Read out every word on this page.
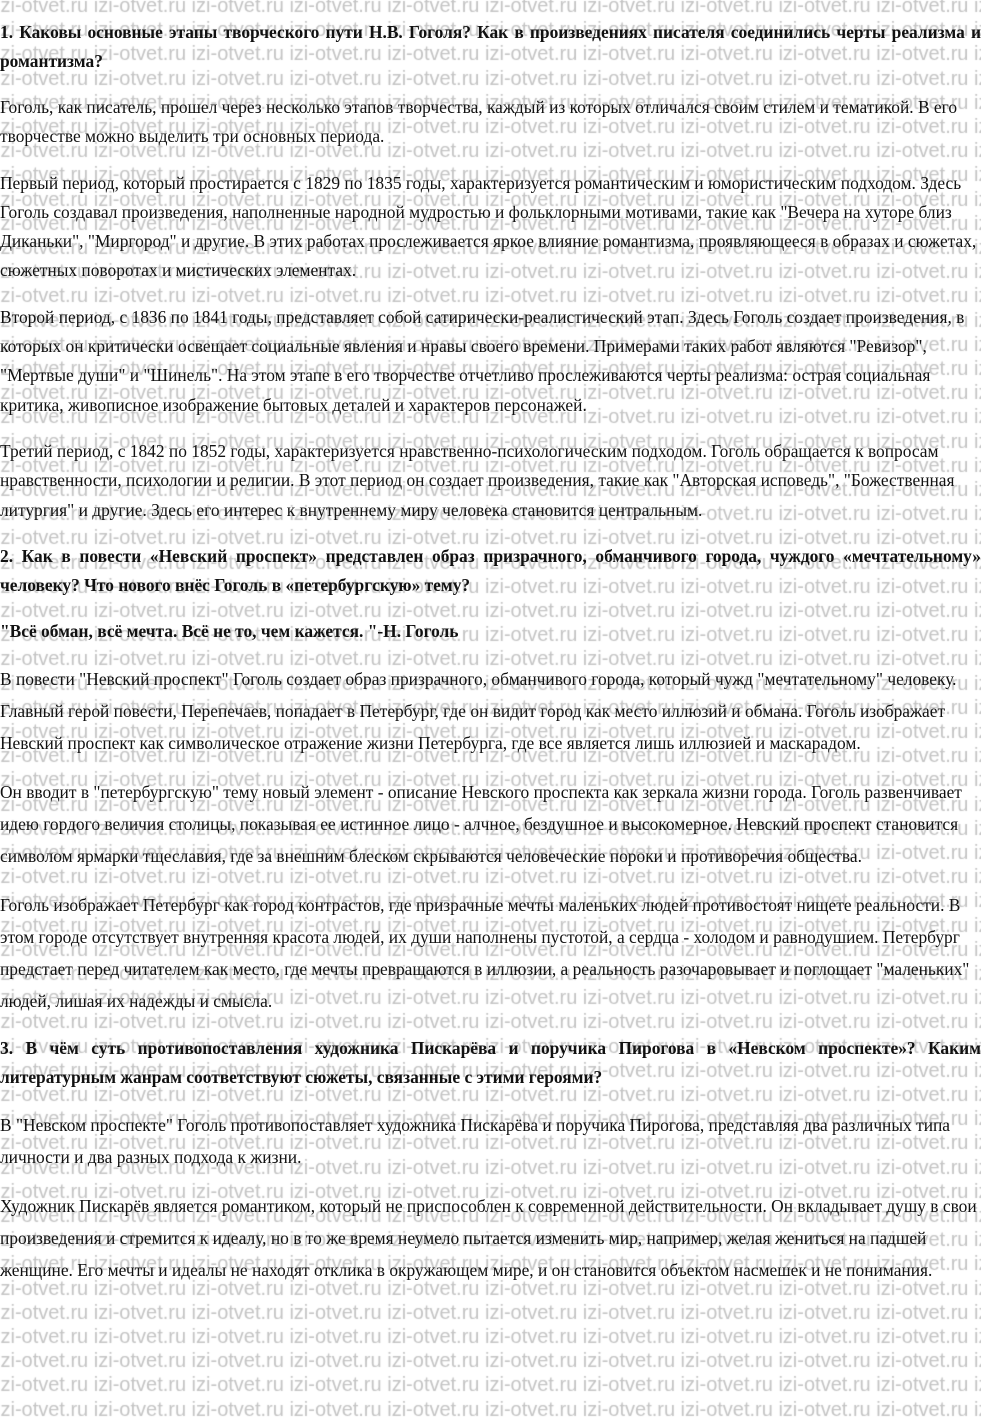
1. Каковы основные этапы творческого пути Н.В. Гоголя? Как в произведениях писателя соединились черты реализма и романтизма?
Гоголь, как писатель, прошел через несколько этапов творчества, каждый из которых отличался своим стилем и тематикой. В его творчестве можно выделить три основных периода.
Первый период, который простирается с 1829 по 1835 годы, характеризуется романтическим и юмористическим подходом. Здесь Гоголь создавал произведения, наполненные народной мудростью и фольклорными мотивами, такие как "Вечера на хуторе близ Диканьки", "Миргород" и другие. В этих работах прослеживается яркое влияние романтизма, проявляющееся в образах и сюжетах, сюжетных поворотах и мистических элементах.
Второй период, с 1836 по 1841 годы, представляет собой сатирически-реалистический этап. Здесь Гоголь создает произведения, в которых он критически освещает социальные явления и нравы своего времени. Примерами таких работ являются "Ревизор", "Мертвые души" и "Шинель". На этом этапе в его творчестве отчетливо прослеживаются черты реализма: острая социальная критика, живописное изображение бытовых деталей и характеров персонажей.
Третий период, с 1842 по 1852 годы, характеризуется нравственно-психологическим подходом. Гоголь обращается к вопросам нравственности, психологии и религии. В этот период он создает произведения, такие как "Авторская исповедь", "Божественная литургия" и другие. Здесь его интерес к внутреннему миру человека становится центральным.
2. Как в повести «Невский проспект» представлен образ призрачного, обманчивого города, чуждого «мечтательному» человеку? Что нового внёс Гоголь в «петербургскую» тему?
"Всё обман, всё мечта. Всё не то, чем кажется. "-Н. Гоголь
В повести "Невский проспект" Гоголь создает образ призрачного, обманчивого города, который чужд "мечтательному" человеку. Главный герой повести, Перепечаев, попадает в Петербург, где он видит город как место иллюзий и обмана. Гоголь изображает Невский проспект как символическое отражение жизни Петербурга, где все является лишь иллюзией и маскарадом.
Он вводит в "петербургскую" тему новый элемент - описание Невского проспекта как зеркала жизни города. Гоголь развенчивает идею гордого величия столицы, показывая ее истинное лицо - алчное, бездушное и высокомерное. Невский проспект становится символом ярмарки тщеславия, где за внешним блеском скрываются человеческие пороки и противоречия общества.
Гоголь изображает Петербург как город контрастов, где призрачные мечты маленьких людей противостоят нищете реальности. В этом городе отсутствует внутренняя красота людей, их души наполнены пустотой, а сердца - холодом и равнодушием. Петербург предстает перед читателем как место, где мечты превращаются в иллюзии, а реальность разочаровывает и поглощает "маленьких" людей, лишая их надежды и смысла.
3. В чём суть противопоставления художника Пискарёва и поручика Пирогова в «Невском проспекте»? Каким литературным жанрам соответствуют сюжеты, связанные с этими героями?
В "Невском проспекте" Гоголь противопоставляет художника Пискарёва и поручика Пирогова, представляя два различных типа личности и два разных подхода к жизни.
Художник Пискарёв является романтиком, который не приспособлен к современной действительности. Он вкладывает душу в свои произведения и стремится к идеалу, но в то же время неумело пытается изменить мир, например, желая жениться на падшей женщине. Его мечты и идеалы не находят отклика в окружающем мире, и он становится объектом насмешек и не понимания.
